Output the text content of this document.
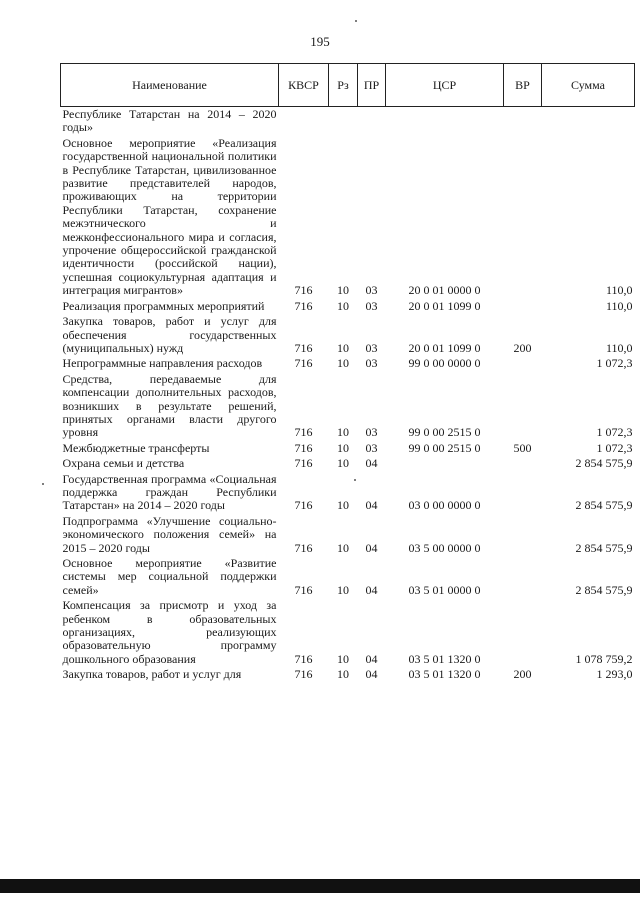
195
Наименование	КВСР	Рз	ПР	ЦСР	ВР	Сумма
Республике Татарстан на 2014 – 2020 годы»						
Основное мероприятие «Реализация государственной национальной политики в Республике Татарстан, цивилизованное развитие представителей народов, проживающих на территории Республики Татарстан, сохранение межэтнического и межконфессионального мира и согласия, упрочение общероссийской гражданской идентичности (российской нации), успешная социокультурная адаптация и интеграция мигрантов»	716	10	03	20 0 01 0000 0		110,0
Реализация программных мероприятий	716	10	03	20 0 01 1099 0		110,0
Закупка товаров, работ и услуг для обеспечения государственных (муниципальных) нужд	716	10	03	20 0 01 1099 0	200	110,0
Непрограммные направления расходов	716	10	03	99 0 00 0000 0		1 072,3
Средства, передаваемые для компенсации дополнительных расходов, возникших в результате решений, принятых органами власти другого уровня	716	10	03	99 0 00 2515 0		1 072,3
Межбюджетные трансферты	716	10	03	99 0 00 2515 0	500	1 072,3
Охрана семьи и детства	716	10	04			2 854 575,9
Государственная программа «Социальная поддержка граждан Республики Татарстан» на 2014 – 2020 годы	716	10	04	03 0 00 0000 0		2 854 575,9
Подпрограмма «Улучшение социально-экономического положения семей» на 2015 – 2020 годы	716	10	04	03 5 00 0000 0		2 854 575,9
Основное мероприятие «Развитие системы мер социальной поддержки семей»	716	10	04	03 5 01 0000 0		2 854 575,9
Компенсация за присмотр и уход за ребенком в образовательных организациях, реализующих образовательную программу дошкольного образования	716	10	04	03 5 01 1320 0		1 078 759,2
Закупка товаров, работ и услуг для	716	10	04	03 5 01 1320 0	200	1 293,0
